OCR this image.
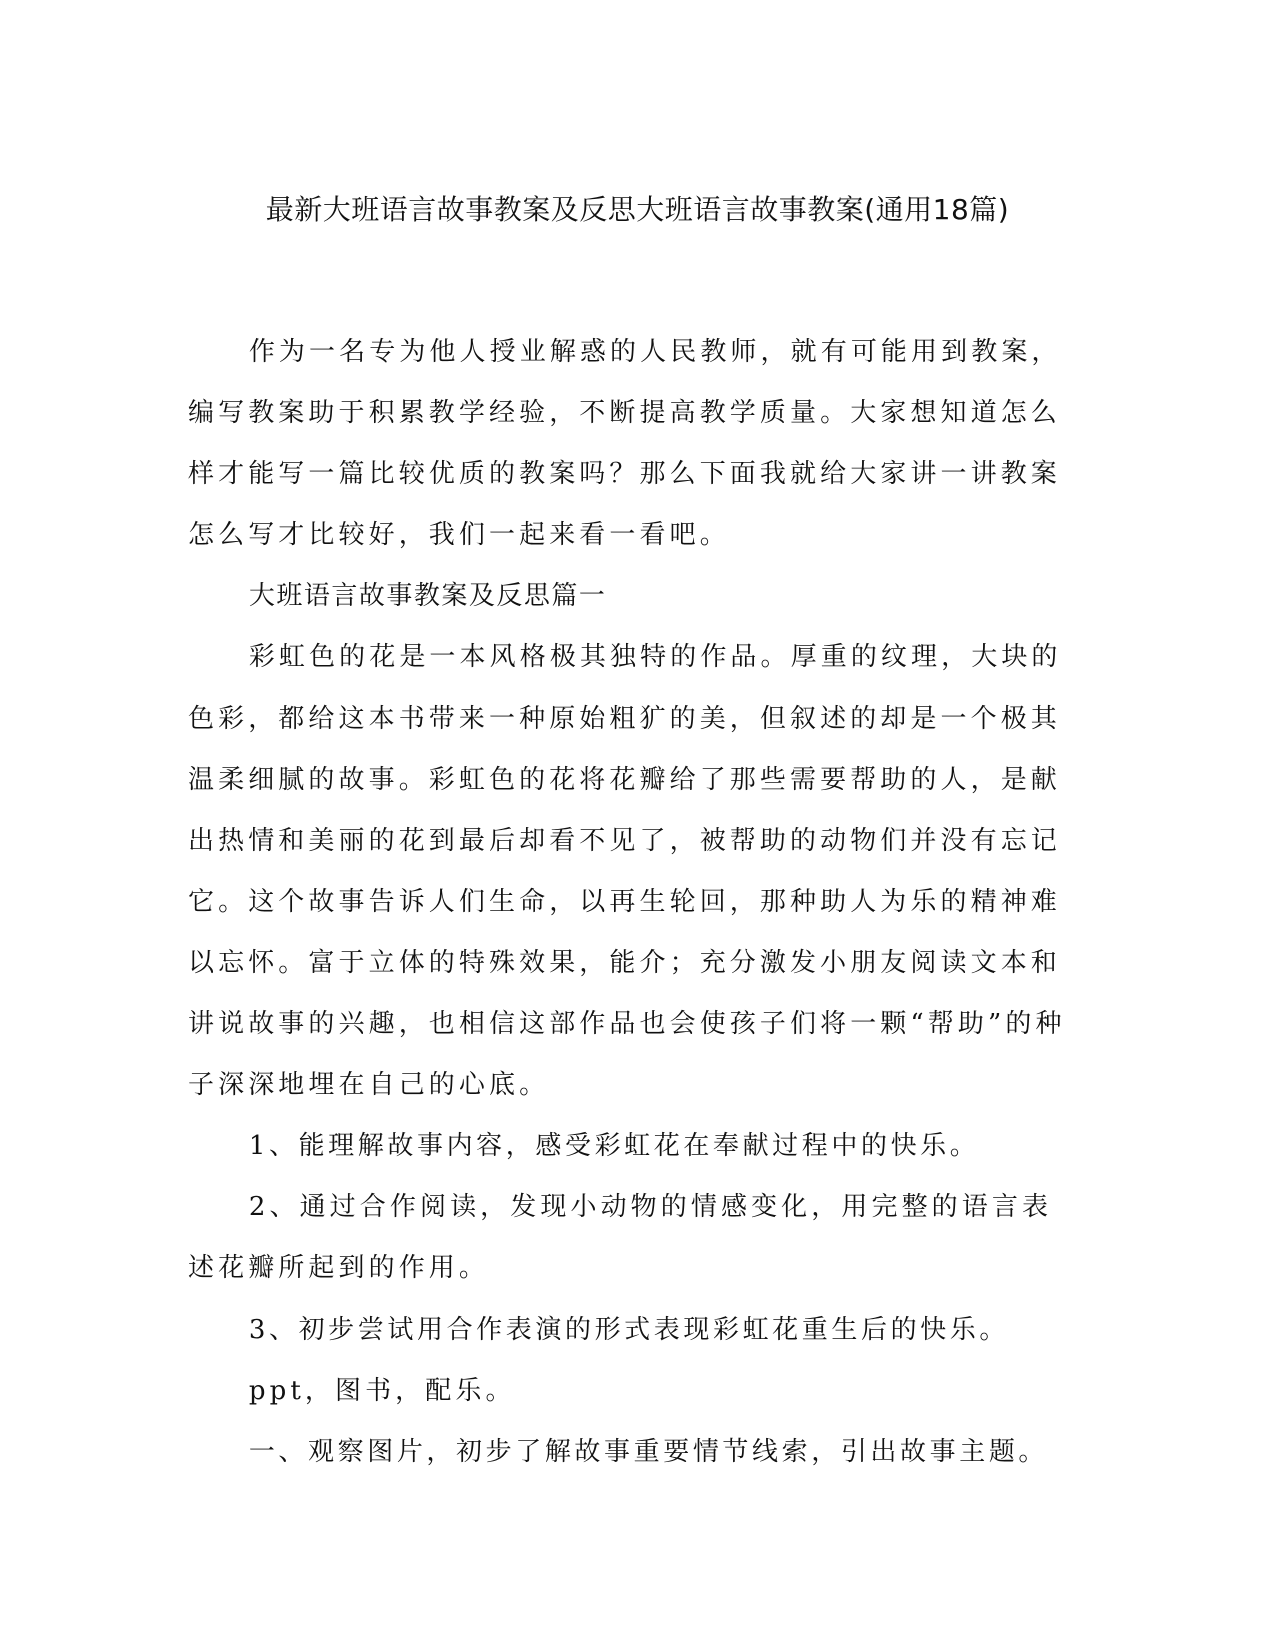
最新大班语言故事教案及反思大班语言故事教案(通用18篇)

作为一名专为他人授业解惑的人民教师，就有可能用到教案，编写教案助于积累教学经验，不断提高教学质量。大家想知道怎么样才能写一篇比较优质的教案吗？那么下面我就给大家讲一讲教案怎么写才比较好，我们一起来看一看吧。

大班语言故事教案及反思篇一

彩虹色的花是一本风格极其独特的作品。厚重的纹理，大块的色彩，都给这本书带来一种原始粗犷的美，但叙述的却是一个极其温柔细腻的故事。彩虹色的花将花瓣给了那些需要帮助的人，是献出热情和美丽的花到最后却看不见了，被帮助的动物们并没有忘记它。这个故事告诉人们生命，以再生轮回，那种助人为乐的精神难以忘怀。富于立体的特殊效果，能介；充分激发小朋友阅读文本和讲说故事的兴趣，也相信这部作品也会使孩子们将一颗“帮助”的种子深深地埋在自己的心底。

1、能理解故事内容，感受彩虹花在奉献过程中的快乐。

2、通过合作阅读，发现小动物的情感变化，用完整的语言表述花瓣所起到的作用。

3、初步尝试用合作表演的形式表现彩虹花重生后的快乐。

ppt，图书，配乐。

一、观察图片，初步了解故事重要情节线索，引出故事主题。
